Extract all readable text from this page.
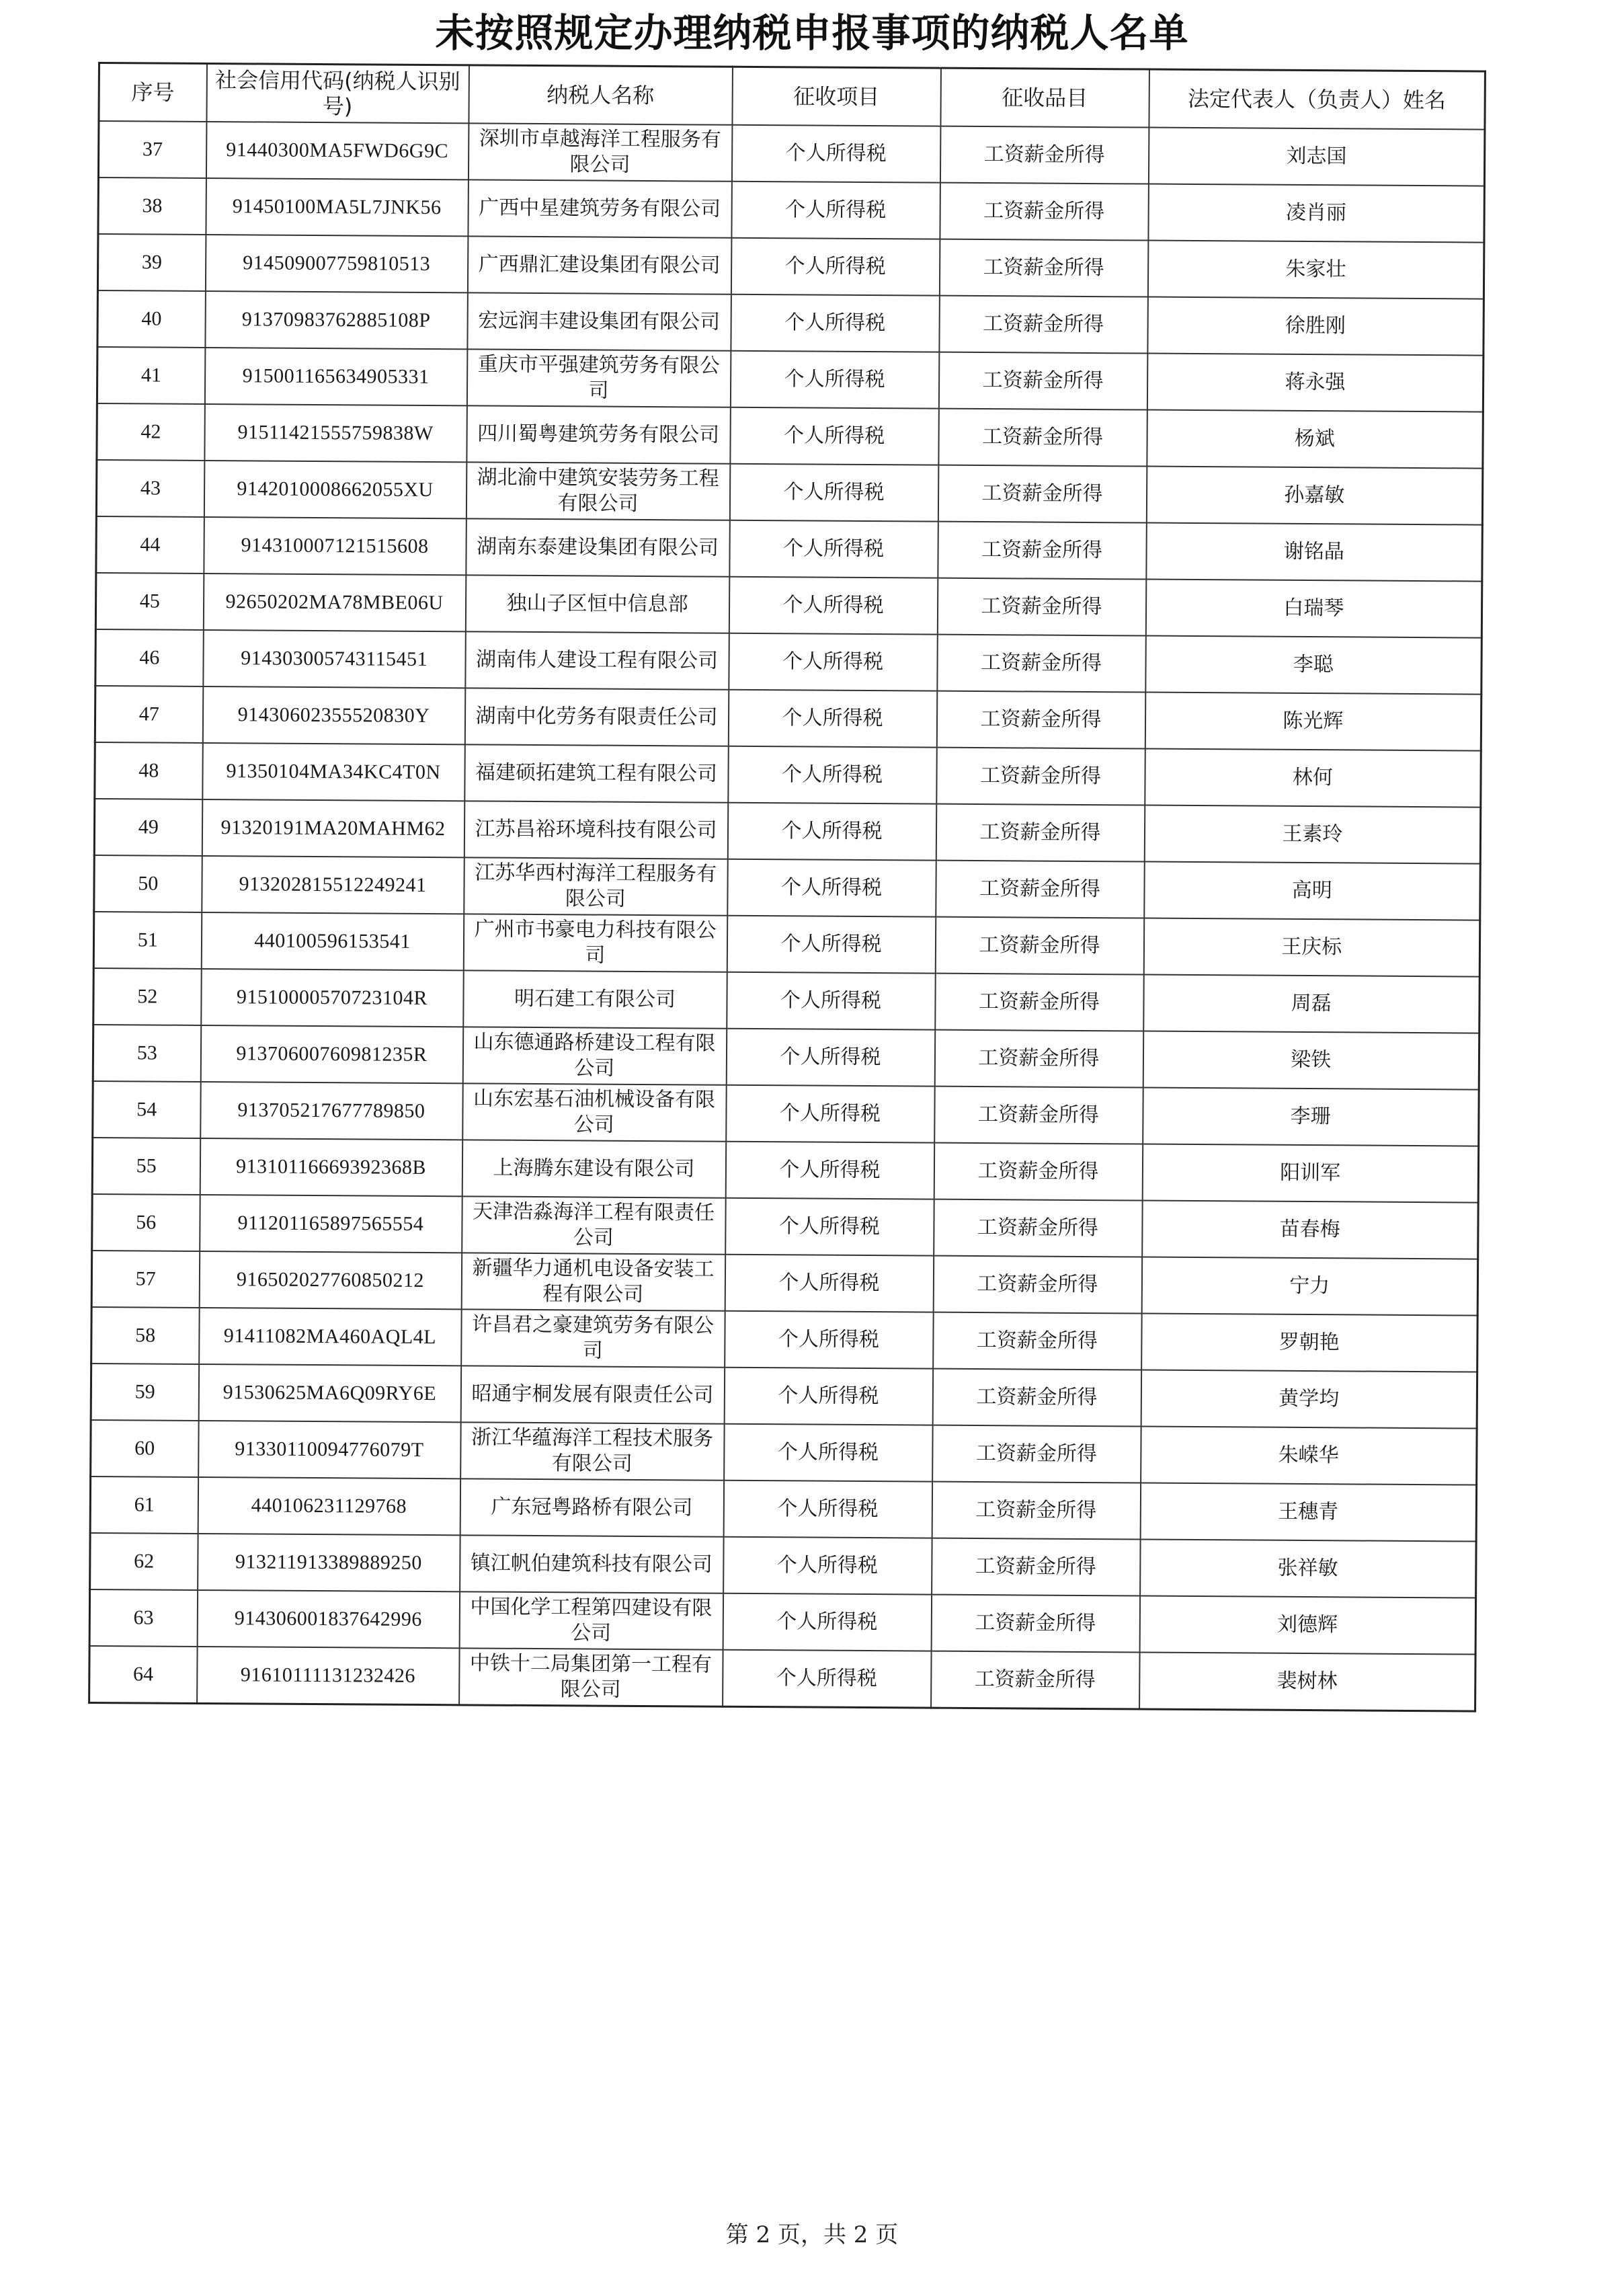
未按照规定办理纳税申报事项的纳税人名单
序号	社会信用代码(纳税人识别号)	纳税人名称	征收项目	征收品目	法定代表人（负责人）姓名
37	91440300MA5FWD6G9C	深圳市卓越海洋工程服务有限公司	个人所得税	工资薪金所得	刘志国
38	91450100MA5L7JNK56	广西中星建筑劳务有限公司	个人所得税	工资薪金所得	凌肖丽
39	914509007759810513	广西鼎汇建设集团有限公司	个人所得税	工资薪金所得	朱家壮
40	91370983762885108P	宏远润丰建设集团有限公司	个人所得税	工资薪金所得	徐胜刚
41	915001165634905331	重庆市平强建筑劳务有限公司	个人所得税	工资薪金所得	蒋永强
42	91511421555759838W	四川蜀粤建筑劳务有限公司	个人所得税	工资薪金所得	杨斌
43	9142010008662055XU	湖北渝中建筑安装劳务工程有限公司	个人所得税	工资薪金所得	孙嘉敏
44	914310007121515608	湖南东泰建设集团有限公司	个人所得税	工资薪金所得	谢铭晶
45	92650202MA78MBE06U	独山子区恒中信息部	个人所得税	工资薪金所得	白瑞琴
46	914303005743115451	湖南伟人建设工程有限公司	个人所得税	工资薪金所得	李聪
47	91430602355520830Y	湖南中化劳务有限责任公司	个人所得税	工资薪金所得	陈光辉
48	91350104MA34KC4T0N	福建硕拓建筑工程有限公司	个人所得税	工资薪金所得	林何
49	91320191MA20MAHM62	江苏昌裕环境科技有限公司	个人所得税	工资薪金所得	王素玲
50	913202815512249241	江苏华西村海洋工程服务有限公司	个人所得税	工资薪金所得	高明
51	440100596153541	广州市书豪电力科技有限公司	个人所得税	工资薪金所得	王庆标
52	91510000570723104R	明石建工有限公司	个人所得税	工资薪金所得	周磊
53	91370600760981235R	山东德通路桥建设工程有限公司	个人所得税	工资薪金所得	梁铁
54	913705217677789850	山东宏基石油机械设备有限公司	个人所得税	工资薪金所得	李珊
55	91310116669392368B	上海腾东建设有限公司	个人所得税	工资薪金所得	阳训军
56	911201165897565554	天津浩淼海洋工程有限责任公司	个人所得税	工资薪金所得	苗春梅
57	916502027760850212	新疆华力通机电设备安装工程有限公司	个人所得税	工资薪金所得	宁力
58	91411082MA460AQL4L	许昌君之豪建筑劳务有限公司	个人所得税	工资薪金所得	罗朝艳
59	91530625MA6Q09RY6E	昭通宇桐发展有限责任公司	个人所得税	工资薪金所得	黄学均
60	91330110094776079T	浙江华蕴海洋工程技术服务有限公司	个人所得税	工资薪金所得	朱嵘华
61	440106231129768	广东冠粤路桥有限公司	个人所得税	工资薪金所得	王穗青
62	913211913389889250	镇江帆伯建筑科技有限公司	个人所得税	工资薪金所得	张祥敏
63	914306001837642996	中国化学工程第四建设有限公司	个人所得税	工资薪金所得	刘德辉
64	91610111131232426	中铁十二局集团第一工程有限公司	个人所得税	工资薪金所得	裴树林
第 2 页，共 2 页
